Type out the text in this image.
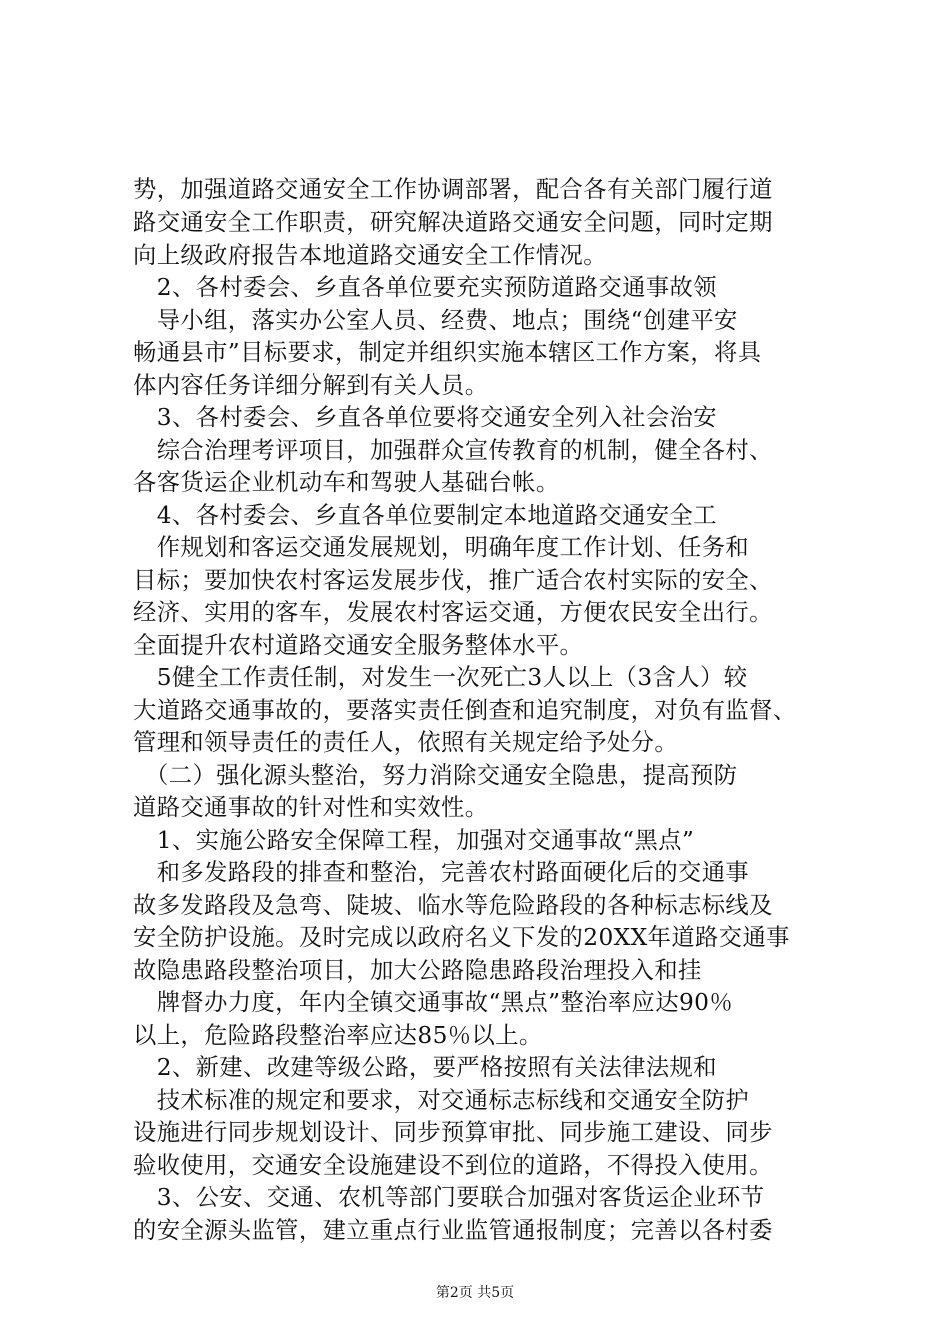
势，加强道路交通安全工作协调部署，配合各有关部门履行道
路交通安全工作职责，研究解决道路交通安全问题，同时定期
向上级政府报告本地道路交通安全工作情况。
　2、各村委会、乡直各单位要充实预防道路交通事故领
　导小组，落实办公室人员、经费、地点；围绕“创建平安
畅通县市”目标要求，制定并组织实施本辖区工作方案，将具
体内容任务详细分解到有关人员。
　3、各村委会、乡直各单位要将交通安全列入社会治安
　综合治理考评项目，加强群众宣传教育的机制，健全各村、
各客货运企业机动车和驾驶人基础台帐。
　4、各村委会、乡直各单位要制定本地道路交通安全工
　作规划和客运交通发展规划，明确年度工作计划、任务和
目标；要加快农村客运发展步伐，推广适合农村实际的安全、
经济、实用的客车，发展农村客运交通，方便农民安全出行。
全面提升农村道路交通安全服务整体水平。
　5健全工作责任制，对发生一次死亡3人以上（3含人）较
大道路交通事故的，要落实责任倒查和追究制度，对负有监督、
管理和领导责任的责任人，依照有关规定给予处分。
　（二）强化源头整治，努力消除交通安全隐患，提高预防
道路交通事故的针对性和实效性。
　1、实施公路安全保障工程，加强对交通事故“黑点”
　和多发路段的排查和整治，完善农村路面硬化后的交通事
故多发路段及急弯、陡坡、临水等危险路段的各种标志标线及
安全防护设施。及时完成以政府名义下发的20XX年道路交通事
故隐患路段整治项目，加大公路隐患路段治理投入和挂
　牌督办力度，年内全镇交通事故“黑点”整治率应达90％
以上，危险路段整治率应达85％以上。
　2、新建、改建等级公路，要严格按照有关法律法规和
　技术标准的规定和要求，对交通标志标线和交通安全防护
设施进行同步规划设计、同步预算审批、同步施工建设、同步
验收使用，交通安全设施建设不到位的道路，不得投入使用。
　3、公安、交通、农机等部门要联合加强对客货运企业环节
的安全源头监管，建立重点行业监管通报制度；完善以各村委
第2页 共5页
